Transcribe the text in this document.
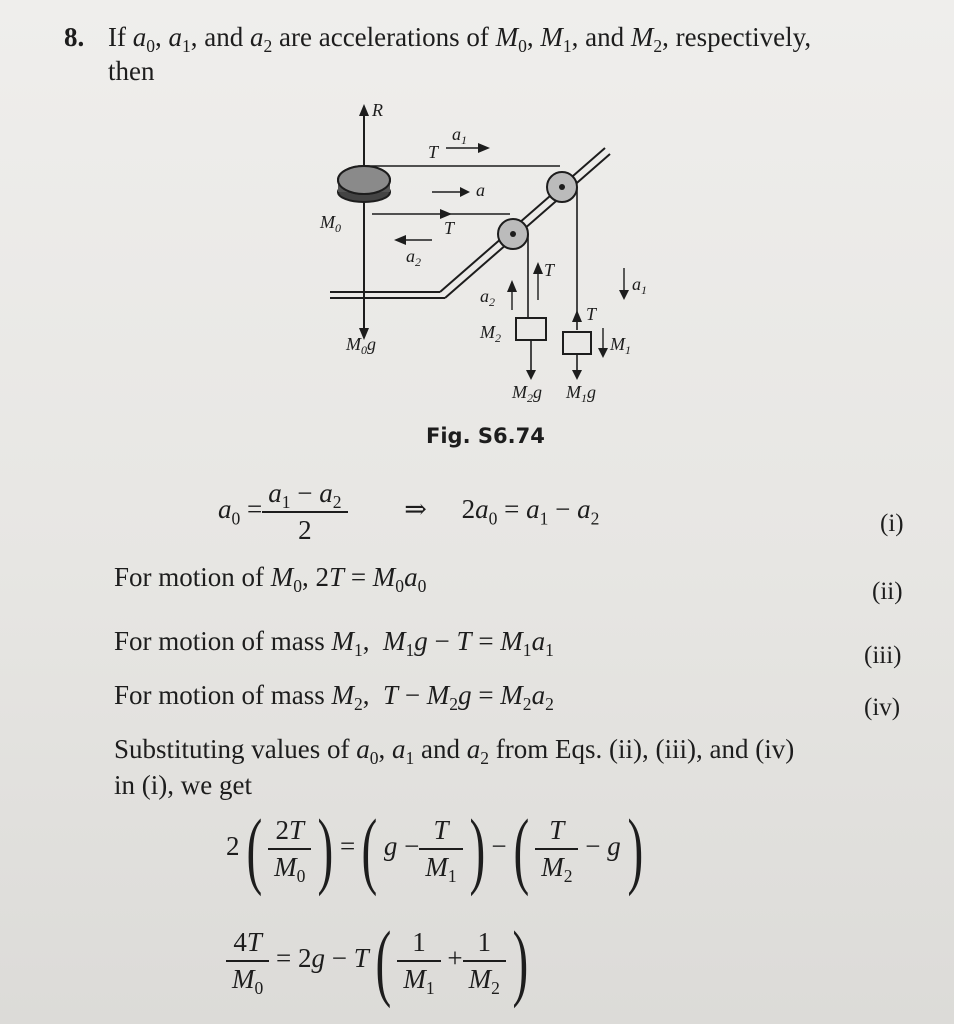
8. If $a_0$, $a_1$, and $a_2$ are accelerations of $M_0$, $M_1$, and $M_2$, respectively,
then
R
T
$a_1$
a
T
$a_2$
$M_0$
$M_0g$
T
T
$a_2$
$a_1$
$M_2$	$M_1$
$M_2g$ $M_1g$
Fig. S6.74
$a_0 = \frac{a_1 - a_2}{2}$ ⇒ $2a_0 = a_1 - a_2$	(i)
For motion of $M_0$, $2T = M_0a_0$	(ii)
For motion of mass $M_1$,  $M_1g - T = M_1a_1$	(iii)
For motion of mass $M_2$,  $T - M_2g = M_2a_2$	(iv)
Substituting values of $a_0$, $a_1$ and $a_2$ from Eqs. (ii), (iii), and (iv)
in (i), we get
$2( \frac{2T}{M_0}$ ) =( $g - \frac{T}{M_1}$ ) −( $\frac{T}{M_2} - g$)
$\frac{4T}{M_0} = 2g - T( \frac{1}{M_1} + \frac{1}{M_2}$ )
